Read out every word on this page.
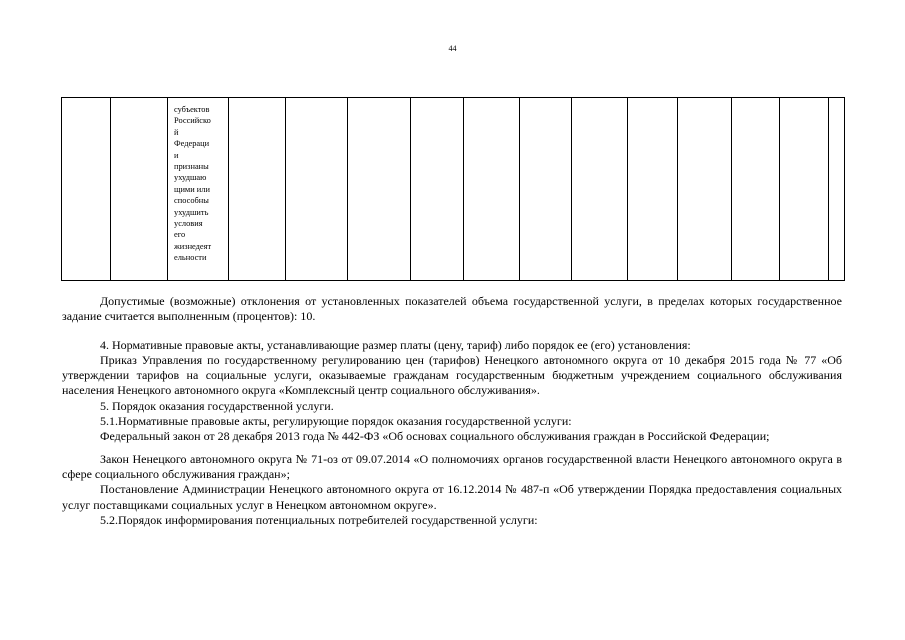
44

субъектов
Российско
й
Федераци
и
признаны
ухудшаю
щими или
способны
ухудшить
условия
его
жизнедеят
ельности

Допустимые (возможные) отклонения от установленных показателей объема государственной услуги, в пределах которых государственное задание считается выполненным (процентов): 10.

4. Нормативные правовые акты, устанавливающие размер платы (цену, тариф) либо порядок ее (его) установления:

Приказ Управления по государственному регулированию цен (тарифов) Ненецкого автономного округа от 10 декабря 2015 года № 77 «Об утверждении тарифов на социальные услуги, оказываемые гражданам государственным бюджетным учреждением социального обслуживания населения Ненецкого автономного округа «Комплексный центр социального обслуживания».

5. Порядок оказания государственной услуги.

5.1.Нормативные правовые акты, регулирующие порядок оказания государственной услуги:

Федеральный закон от 28 декабря 2013 года № 442-ФЗ «Об основах социального обслуживания граждан в Российской Федерации;

Закон Ненецкого автономного округа № 71-оз от 09.07.2014 «О полномочиях органов государственной власти Ненецкого автономного округа в сфере социального обслуживания граждан»;

Постановление Администрации Ненецкого автономного округа от 16.12.2014 № 487-п «Об утверждении Порядка предоставления социальных услуг поставщиками социальных услуг в Ненецком автономном округе».

5.2.Порядок информирования потенциальных потребителей государственной услуги:
